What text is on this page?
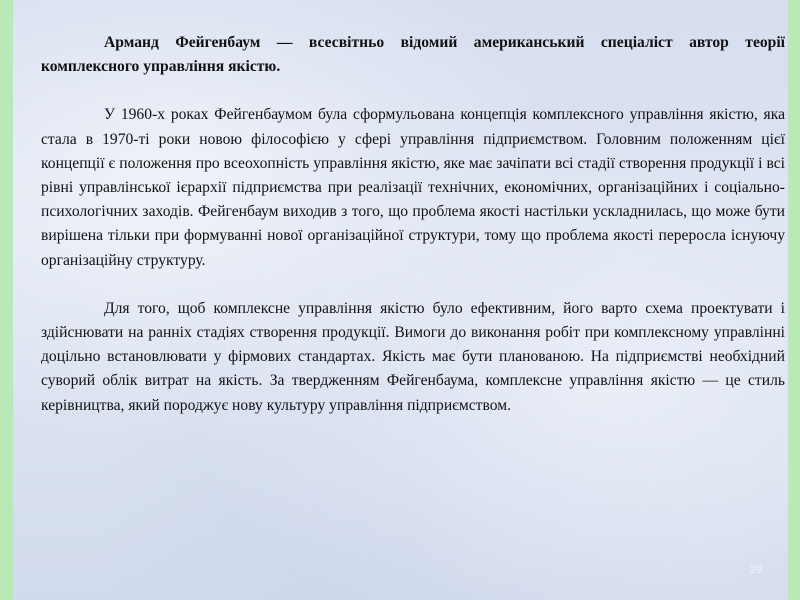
Арманд Фейгенбаум — всесвітньо відомий американський спеціаліст автор теорії комплексного управління якістю.

У 1960-х роках Фейгенбаумом була сформульована концепція комплексного управління якістю, яка стала в 1970-ті роки новою філософією у сфері управління підприємством. Головним положенням цієї концепції є положення про всеохопність управління якістю, яке має зачіпати всі стадії створення продукції і всі рівні управлінської ієрархії підприємства при реалізації технічних, економічних, організаційних і соціально-психологічних заходів. Фейгенбаум виходив з того, що проблема якості настільки ускладнилась, що може бути вирішена тільки при формуванні нової організаційної структури, тому що проблема якості переросла існуючу організаційну структуру.

Для того, щоб комплексне управління якістю було ефективним, його варто схема проектувати і здійснювати на ранніх стадіях створення продукції. Вимоги до виконання робіт при комплексному управлінні доцільно встановлювати у фірмових стандартах. Якість має бути планованою. На підприємстві необхідний суворий облік витрат на якість. За твердженням Фейгенбаума, комплексне управління якістю — це стиль керівництва, який породжує нову культуру управління підприємством.

29
